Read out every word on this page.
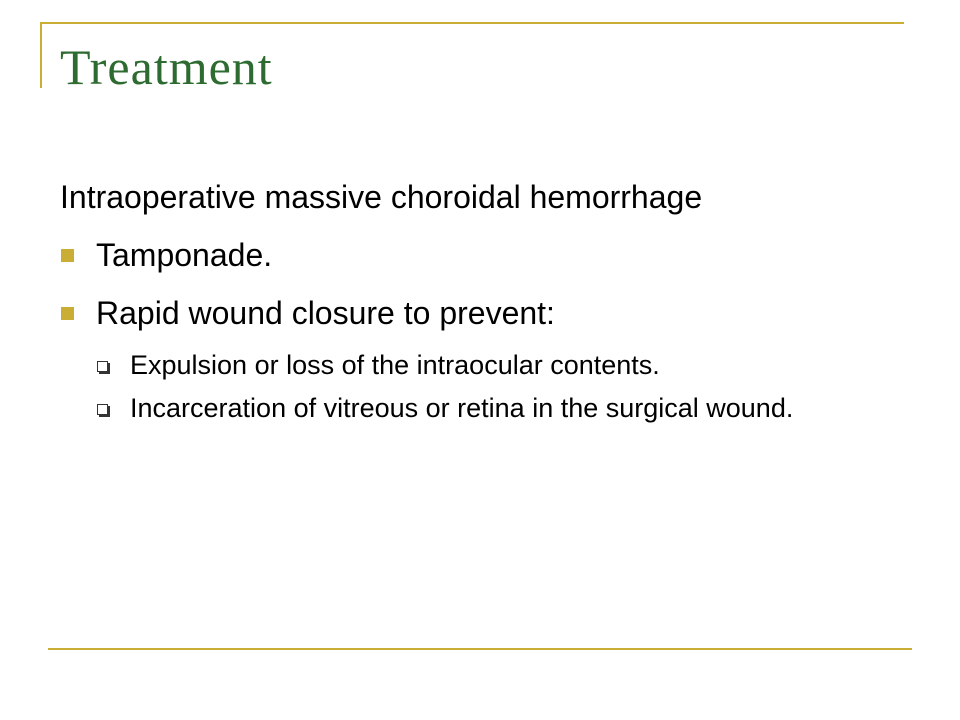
Treatment

Intraoperative massive choroidal hemorrhage

Tamponade.
Rapid wound closure to prevent:
Expulsion or loss of the intraocular contents.
Incarceration of vitreous or retina in the surgical wound.
